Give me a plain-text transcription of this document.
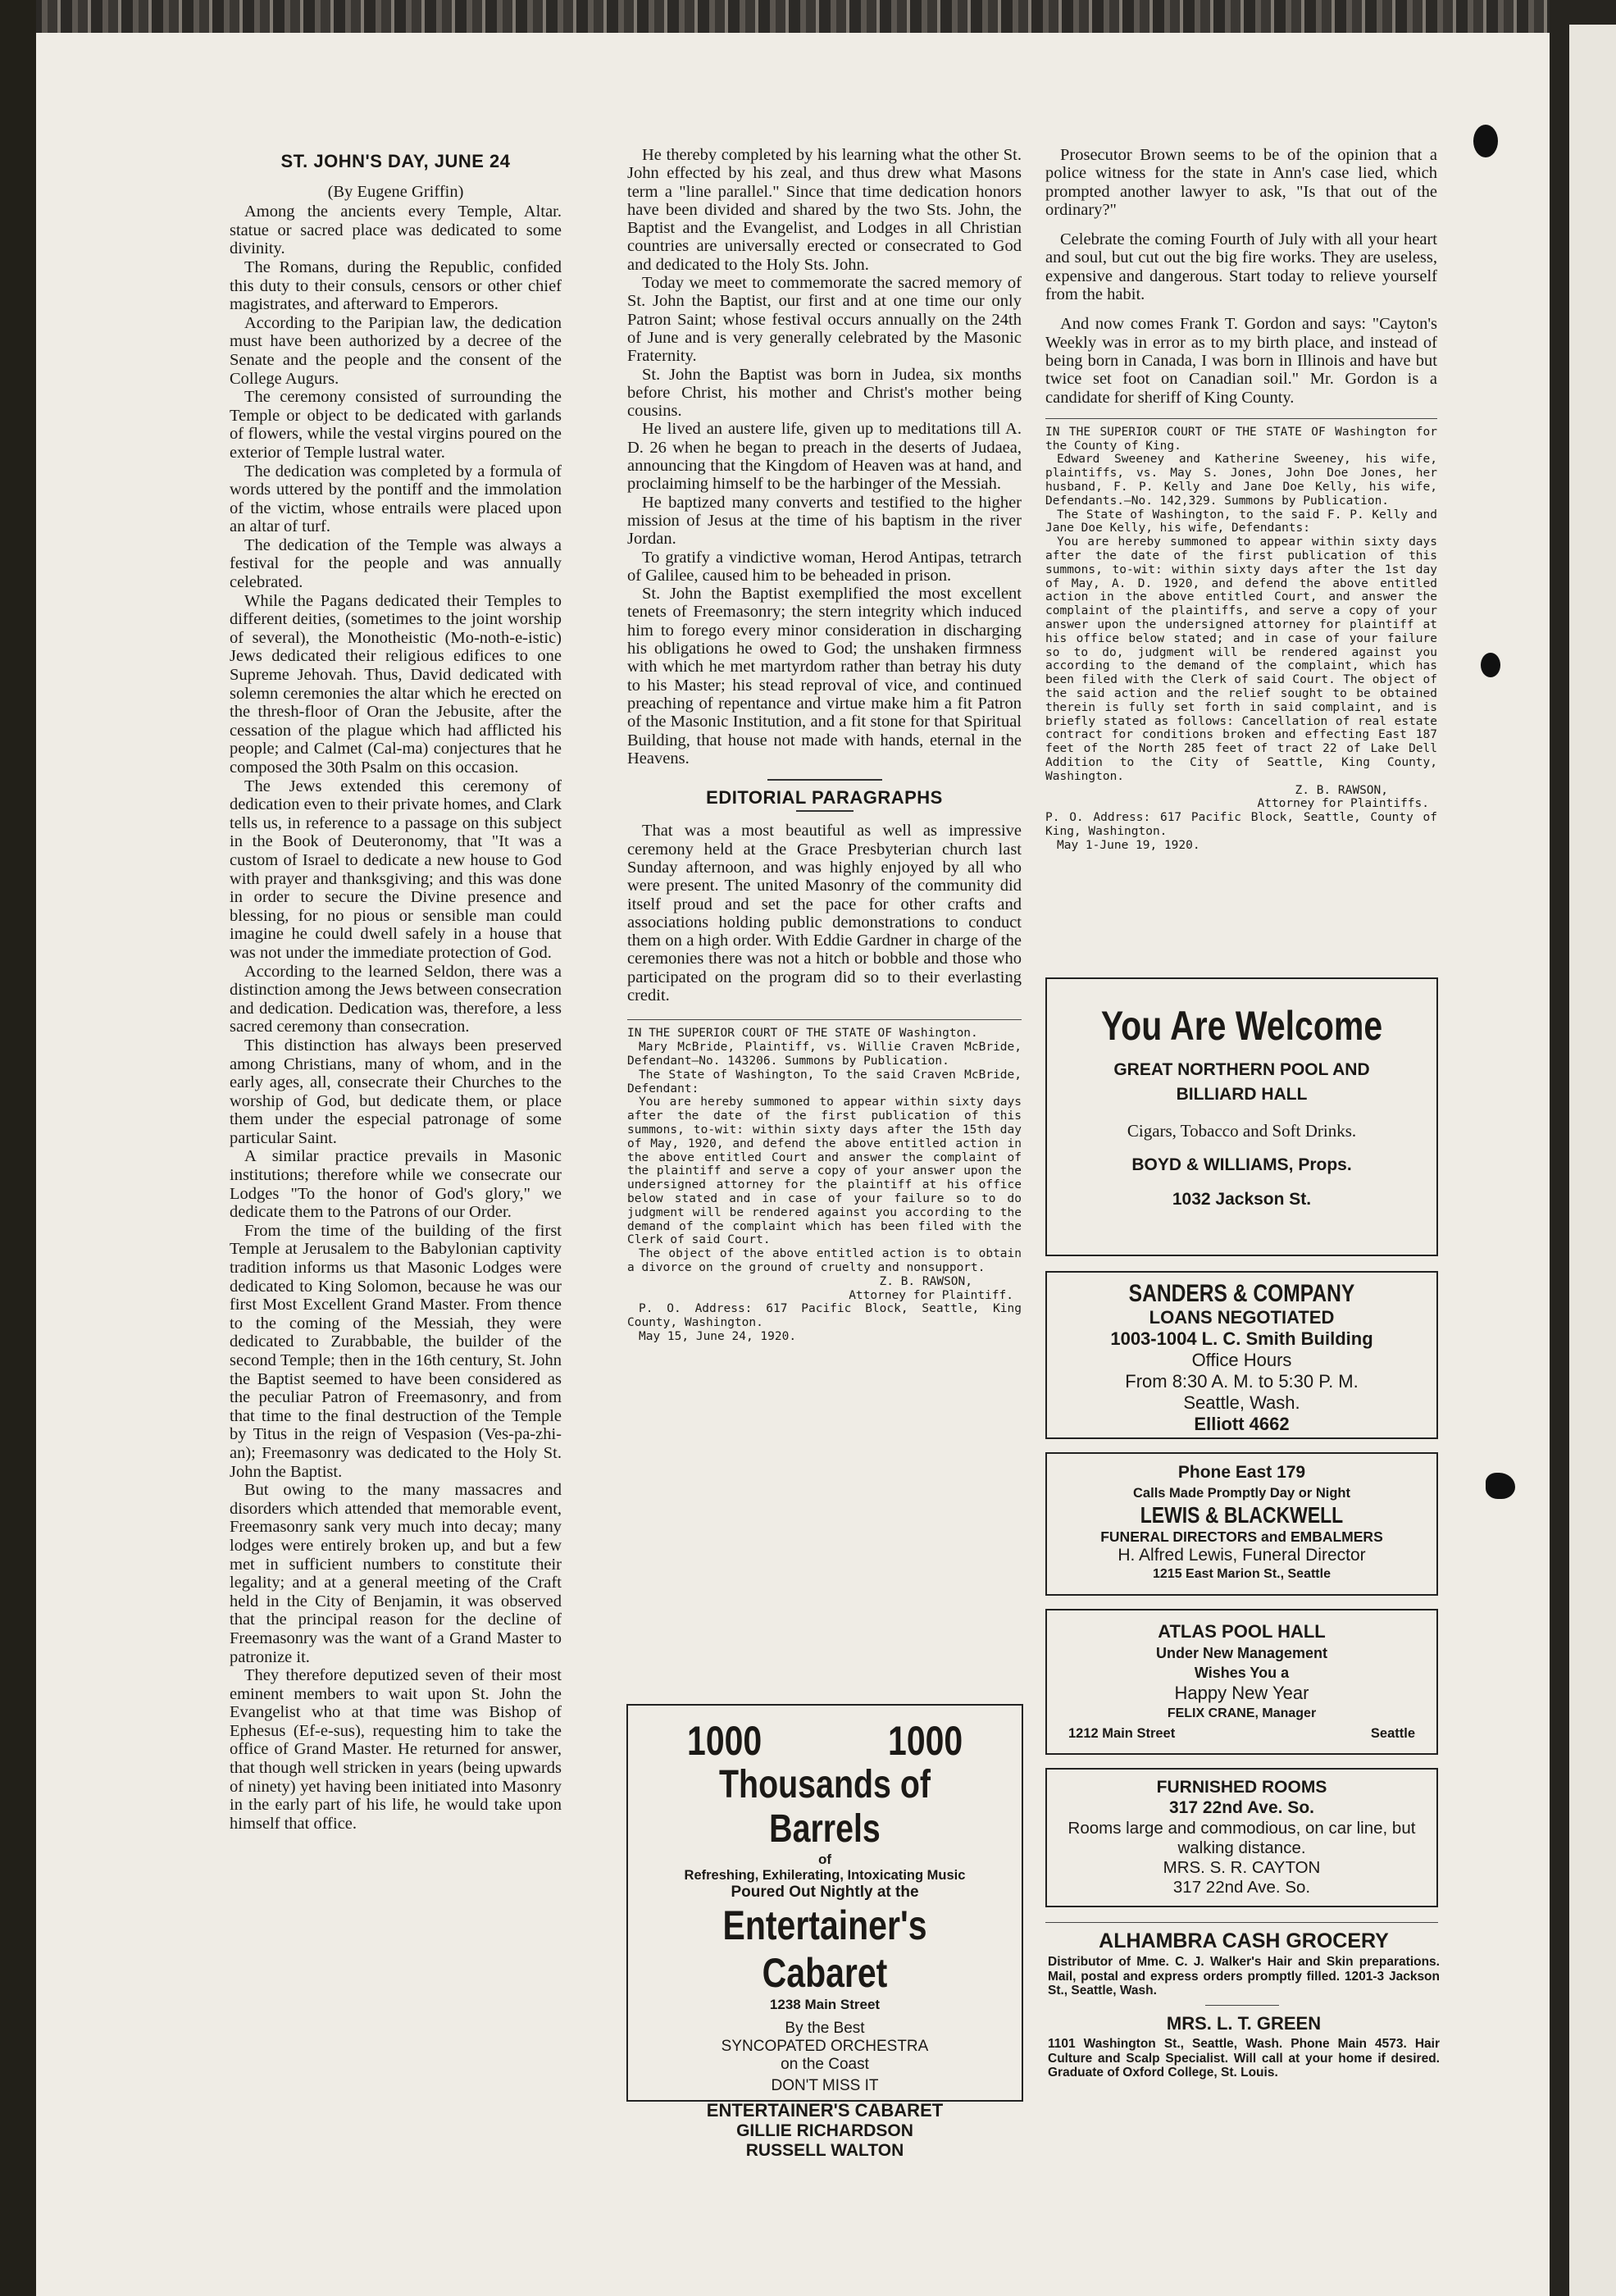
ST. JOHN'S DAY, JUNE 24

(By Eugene Griffin)

Among the ancients every Temple, Altar. statue or sacred place was dedicated to some divinity.

The Romans, during the Republic, confided this duty to their consuls, censors or other chief magistrates, and afterward to Emperors.

According to the Paripian law, the dedication must have been authorized by a decree of the Senate and the people and the consent of the College Augurs.

The ceremony consisted of surrounding the Temple or object to be dedicated with garlands of flowers, while the vestal virgins poured on the exterior of Temple lustral water.

The dedication was completed by a formula of words uttered by the pontiff and the immolation of the victim, whose entrails were placed upon an altar of turf.

The dedication of the Temple was always a festival for the people and was annually celebrated.

While the Pagans dedicated their Temples to different deities, (sometimes to the joint worship of several), the Monotheistic (Mo-noth-e-istic) Jews dedicated their religious edifices to one Supreme Jehovah. Thus, David dedicated with solemn ceremonies the altar which he erected on the thresh-floor of Oran the Jebusite, after the cessation of the plague which had afflicted his people; and Calmet (Cal-ma) conjectures that he composed the 30th Psalm on this occasion.

The Jews extended this ceremony of dedication even to their private homes, and Clark tells us, in reference to a passage on this subject in the Book of Deuteronomy, that "It was a custom of Israel to dedicate a new house to God with prayer and thanksgiving; and this was done in order to secure the Divine presence and blessing, for no pious or sensible man could imagine he could dwell safely in a house that was not under the immediate protection of God.

According to the learned Seldon, there was a distinction among the Jews between consecration and dedication. Dedication was, therefore, a less sacred ceremony than consecration.

This distinction has always been preserved among Christians, many of whom, and in the early ages, all, consecrate their Churches to the worship of God, but dedicate them, or place them under the especial patronage of some particular Saint.

A similar practice prevails in Masonic institutions; therefore while we consecrate our Lodges "To the honor of God's glory," we dedicate them to the Patrons of our Order.

From the time of the building of the first Temple at Jerusalem to the Babylonian captivity tradition informs us that Masonic Lodges were dedicated to King Solomon, because he was our first Most Excellent Grand Master. From thence to the coming of the Messiah, they were dedicated to Zurabbable, the builder of the second Temple; then in the 16th century, St. John the Baptist seemed to have been considered as the peculiar Patron of Freemasonry, and from that time to the final destruction of the Temple by Titus in the reign of Vespasion (Ves-pa-zhi-an); Freemasonry was dedicated to the Holy St. John the Baptist.

But owing to the many massacres and disorders which attended that memorable event, Freemasonry sank very much into decay; many lodges were entirely broken up, and but a few met in sufficient numbers to constitute their legality; and at a general meeting of the Craft held in the City of Benjamin, it was observed that the principal reason for the decline of Freemasonry was the want of a Grand Master to patronize it.

They therefore deputized seven of their most eminent members to wait upon St. John the Evangelist who at that time was Bishop of Ephesus (Ef-e-sus), requesting him to take the office of Grand Master. He returned for answer, that though well stricken in years (being upwards of ninety) yet having been initiated into Masonry in the early part of his life, he would take upon himself that office.

He thereby completed by his learning what the other St. John effected by his zeal, and thus drew what Masons term a "line parallel." Since that time dedication honors have been divided and shared by the two Sts. John, the Baptist and the Evangelist, and Lodges in all Christian countries are universally erected or consecrated to God and dedicated to the Holy Sts. John.

Today we meet to commemorate the sacred memory of St. John the Baptist, our first and at one time our only Patron Saint; whose festival occurs annually on the 24th of June and is very generally celebrated by the Masonic Fraternity.

St. John the Baptist was born in Judea, six months before Christ, his mother and Christ's mother being cousins.

He lived an austere life, given up to meditations till A. D. 26 when he began to preach in the deserts of Judaea, announcing that the Kingdom of Heaven was at hand, and proclaiming himself to be the harbinger of the Messiah.

He baptized many converts and testified to the higher mission of Jesus at the time of his baptism in the river Jordan.

To gratify a vindictive woman, Herod Antipas, tetrarch of Galilee, caused him to be beheaded in prison.

St. John the Baptist exemplified the most excellent tenets of Freemasonry; the stern integrity which induced him to forego every minor consideration in discharging his obligations he owed to God; the unshaken firmness with which he met martyrdom rather than betray his duty to his Master; his stead reproval of vice, and continued preaching of repentance and virtue make him a fit Patron of the Masonic Institution, and a fit stone for that Spiritual Building, that house not made with hands, eternal in the Heavens.

EDITORIAL PARAGRAPHS

That was a most beautiful as well as impressive ceremony held at the Grace Presbyterian church last Sunday afternoon, and was highly enjoyed by all who were present. The united Masonry of the community did itself proud and set the pace for other crafts and associations holding public demonstrations to conduct them on a high order. With Eddie Gardner in charge of the ceremonies there was not a hitch or bobble and those who participated on the program did so to their everlasting credit.

IN THE SUPERIOR COURT OF THE STATE OF Washington.

Mary McBride, Plaintiff, vs. Willie Craven McBride, Defendant—No. 143206. Summons by Publication.

The State of Washington, To the said Craven McBride, Defendant:

You are hereby summoned to appear within sixty days after the date of the first publication of this summons, to-wit: within sixty days after the 15th day of May, 1920, and defend the above entitled action in the above entitled Court and answer the complaint of the plaintiff and serve a copy of your answer upon the undersigned attorney for the plaintiff at his office below stated and in case of your failure so to do judgment will be rendered against you according to the demand of the complaint which has been filed with the Clerk of said Court.

The object of the above entitled action is to obtain a divorce on the ground of cruelty and nonsupport.

Z. B. RAWSON,

Attorney for Plaintiff.

P. O. Address: 617 Pacific Block, Seattle, King County, Washington.

May 15, June 24, 1920.

1000	1000
Thousands of Barrels
of
Refreshing, Exhilerating, Intoxicating Music
Poured Out Nightly at the
Entertainer's Cabaret
1238 Main Street
By the Best
SYNCOPATED ORCHESTRA
on the Coast
DON'T MISS IT
ENTERTAINER'S CABARET
GILLIE RICHARDSON
RUSSELL WALTON

Prosecutor Brown seems to be of the opinion that a police witness for the state in Ann's case lied, which prompted another lawyer to ask, "Is that out of the ordinary?"

Celebrate the coming Fourth of July with all your heart and soul, but cut out the big fire works. They are useless, expensive and dangerous. Start today to relieve yourself from the habit.

And now comes Frank T. Gordon and says: "Cayton's Weekly was in error as to my birth place, and instead of being born in Canada, I was born in Illinois and have but twice set foot on Canadian soil." Mr. Gordon is a candidate for sheriff of King County.

IN THE SUPERIOR COURT OF THE STATE OF Washington for the County of King.

Edward Sweeney and Katherine Sweeney, his wife, plaintiffs, vs. May S. Jones, John Doe Jones, her husband, F. P. Kelly and Jane Doe Kelly, his wife, Defendants.—No. 142,329. Summons by Publication.

The State of Washington, to the said F. P. Kelly and Jane Doe Kelly, his wife, Defendants:

You are hereby summoned to appear within sixty days after the date of the first publication of this summons, to-wit: within sixty days after the 1st day of May, A. D. 1920, and defend the above entitled action in the above entitled Court, and answer the complaint of the plaintiffs, and serve a copy of your answer upon the undersigned attorney for plaintiff at his office below stated; and in case of your failure so to do, judgment will be rendered against you according to the demand of the complaint, which has been filed with the Clerk of said Court. The object of the said action and the relief sought to be obtained therein is fully set forth in said complaint, and is briefly stated as follows: Cancellation of real estate contract for conditions broken and effecting East 187 feet of the North 285 feet of tract 22 of Lake Dell Addition to the City of Seattle, King County, Washington.

Z. B. RAWSON,

Attorney for Plaintiffs.

P. O. Address: 617 Pacific Block, Seattle, County of King, Washington.

May 1-June 19, 1920.

You Are Welcome
GREAT NORTHERN POOL AND
BILLIARD HALL
Cigars, Tobacco and Soft Drinks.
BOYD & WILLIAMS, Props.
1032 Jackson St.
SANDERS & COMPANY
LOANS NEGOTIATED
1003-1004 L. C. Smith Building
Office Hours
From 8:30 A. M. to 5:30 P. M.
Seattle, Wash.
Elliott 4662
Phone East 179
Calls Made Promptly Day or Night
LEWIS & BLACKWELL
FUNERAL DIRECTORS and EMBALMERS
H. Alfred Lewis, Funeral Director
1215 East Marion St., Seattle
ATLAS POOL HALL
Under New Management
Wishes You a
Happy New Year
FELIX CRANE, Manager
1212 Main Street	Seattle
FURNISHED ROOMS
317 22nd Ave. So.
Rooms large and commodious, on car line, but walking distance.
MRS. S. R. CAYTON
317 22nd Ave. So.
ALHAMBRA CASH GROCERY
Distributor of Mme. C. J. Walker's Hair and Skin preparations. Mail, postal and express orders promptly filled. 1201-3 Jackson St., Seattle, Wash.
MRS. L. T. GREEN
1101 Washington St., Seattle, Wash. Phone Main 4573. Hair Culture and Scalp Specialist. Will call at your home if desired. Graduate of Oxford College, St. Louis.
